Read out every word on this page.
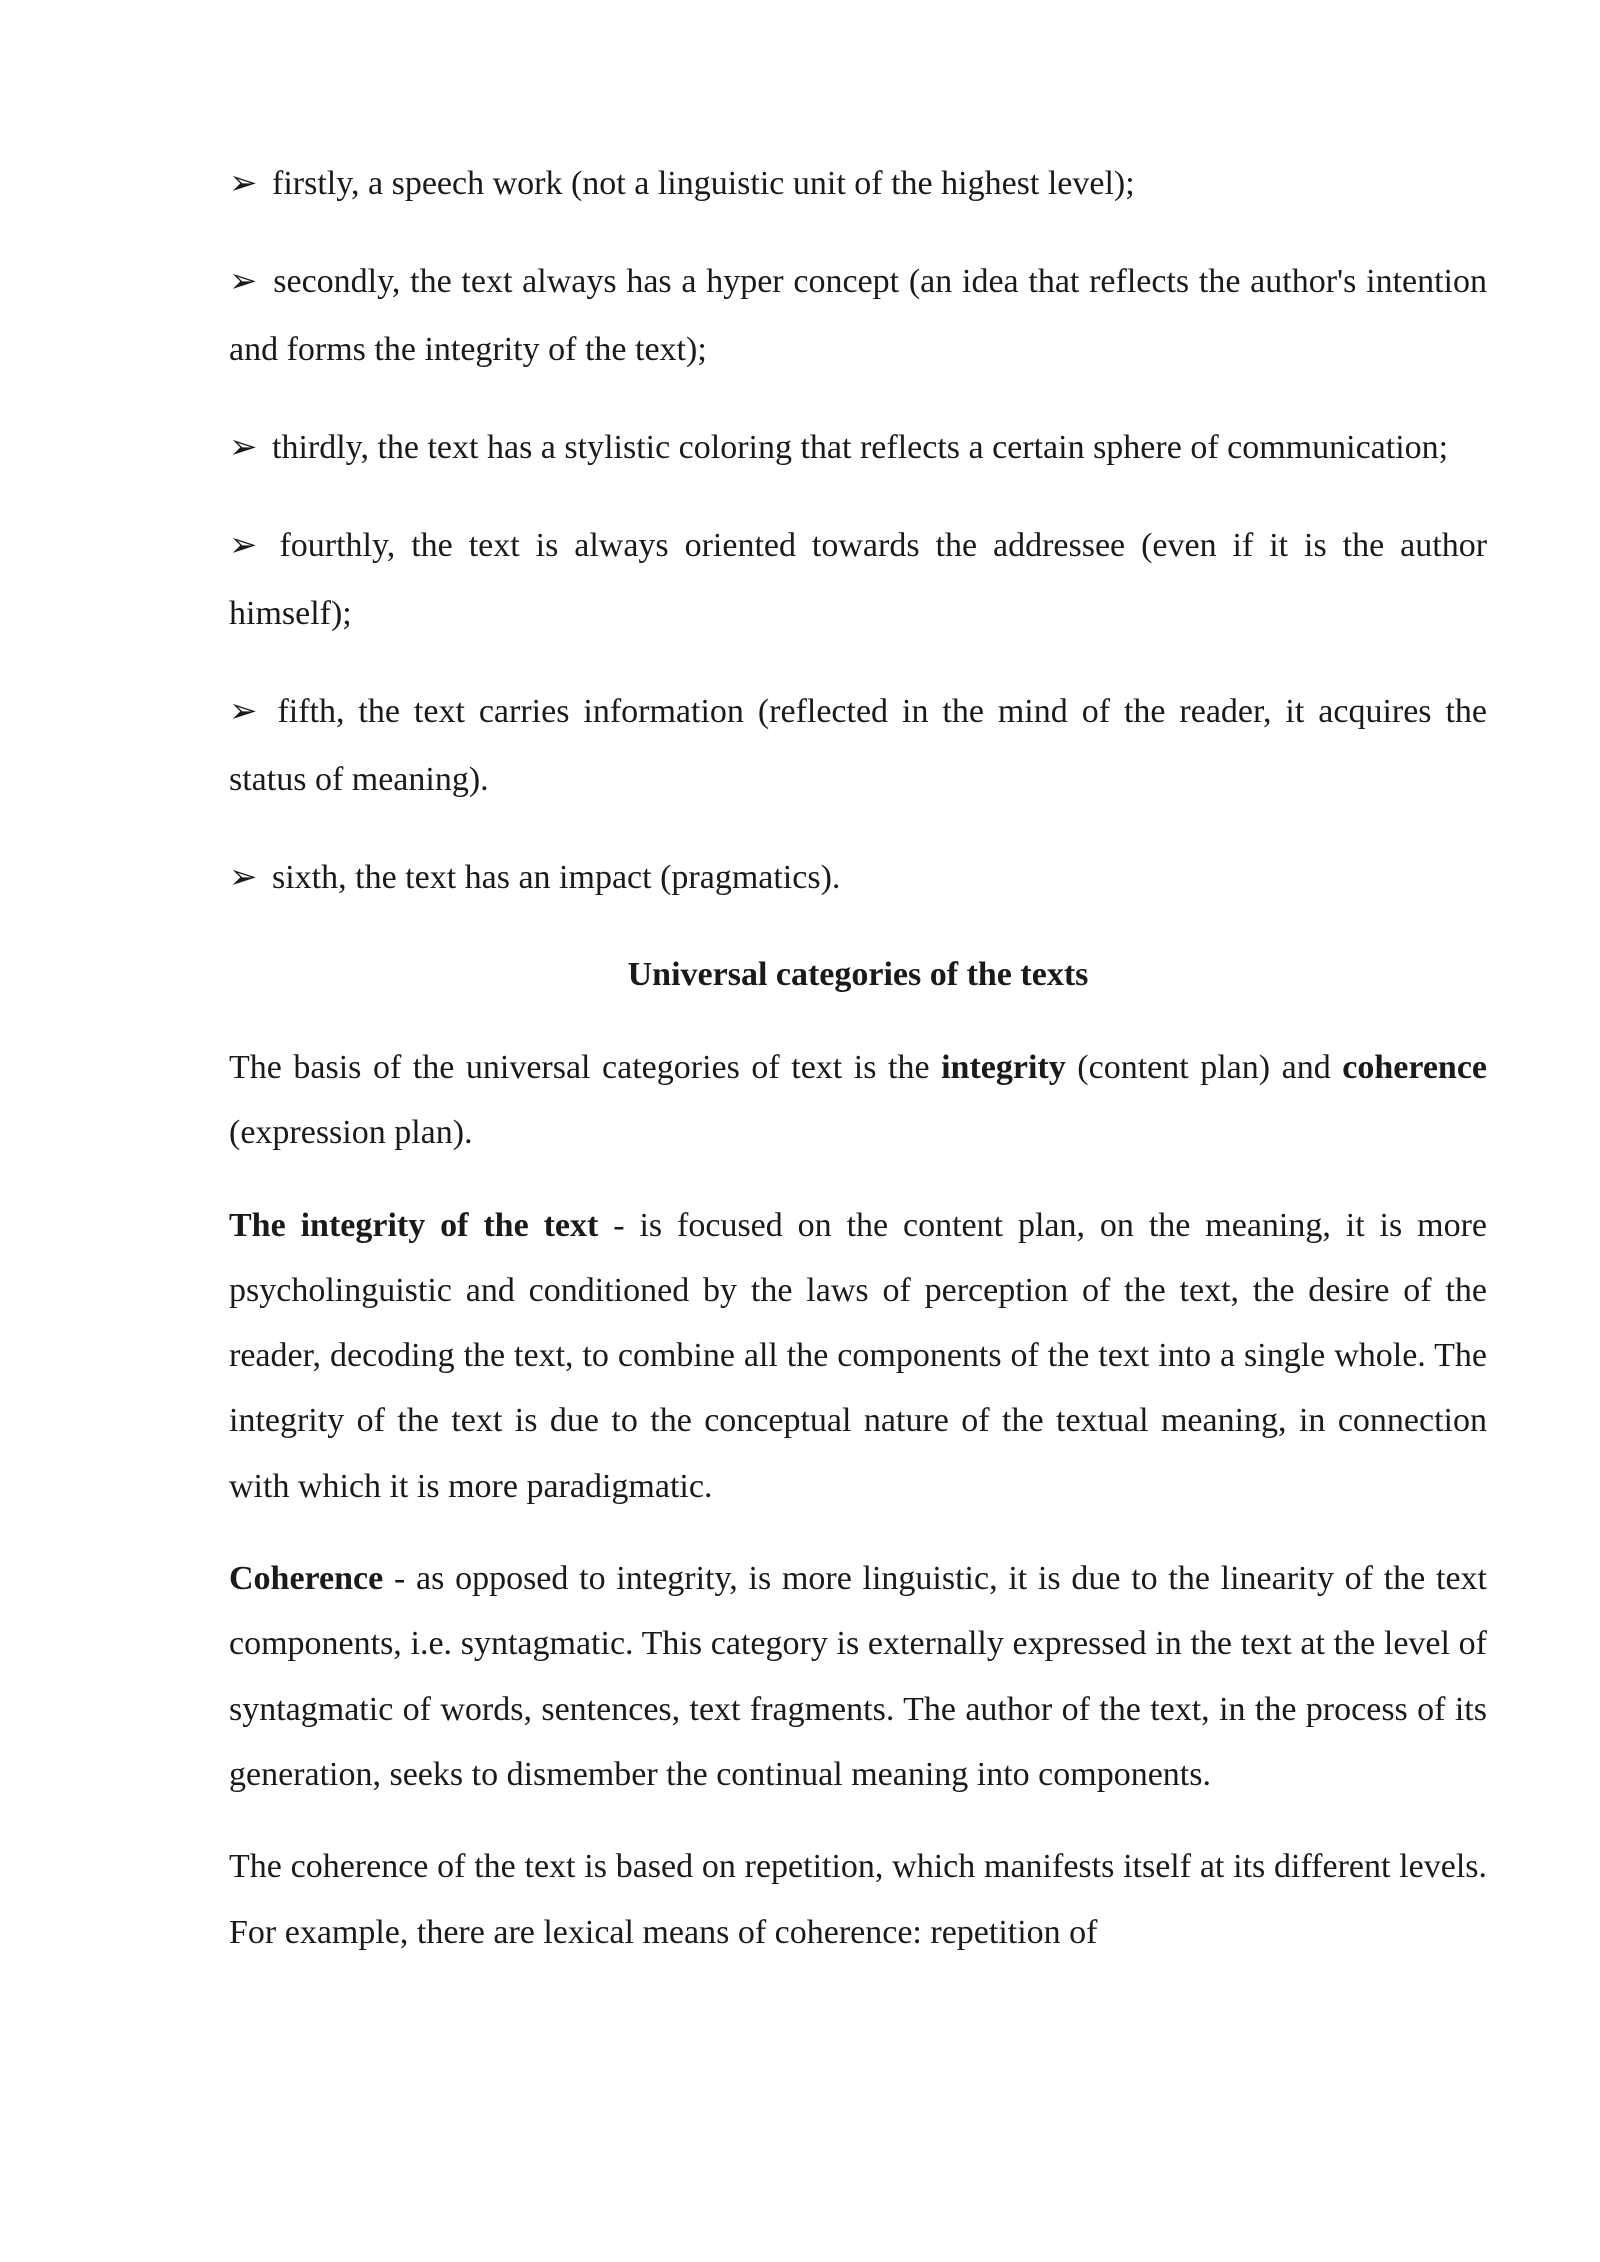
➢ firstly, a speech work (not a linguistic unit of the highest level);

➢ secondly, the text always has a hyper concept (an idea that reflects the author's intention and forms the integrity of the text);

➢ thirdly, the text has a stylistic coloring that reflects a certain sphere of communication;

➢ fourthly, the text is always oriented towards the addressee (even if it is the author himself);

➢ fifth, the text carries information (reflected in the mind of the reader, it acquires the status of meaning).

➢ sixth, the text has an impact (pragmatics).

Universal categories of the texts

The basis of the universal categories of text is the integrity (content plan) and coherence (expression plan).

The integrity of the text - is focused on the content plan, on the meaning, it is more psycholinguistic and conditioned by the laws of perception of the text, the desire of the reader, decoding the text, to combine all the components of the text into a single whole. The integrity of the text is due to the conceptual nature of the textual meaning, in connection with which it is more paradigmatic.

Coherence - as opposed to integrity, is more linguistic, it is due to the linearity of the text components, i.e. syntagmatic. This category is externally expressed in the text at the level of syntagmatic of words, sentences, text fragments. The author of the text, in the process of its generation, seeks to dismember the continual meaning into components.

The coherence of the text is based on repetition, which manifests itself at its different levels. For example, there are lexical means of coherence: repetition of
